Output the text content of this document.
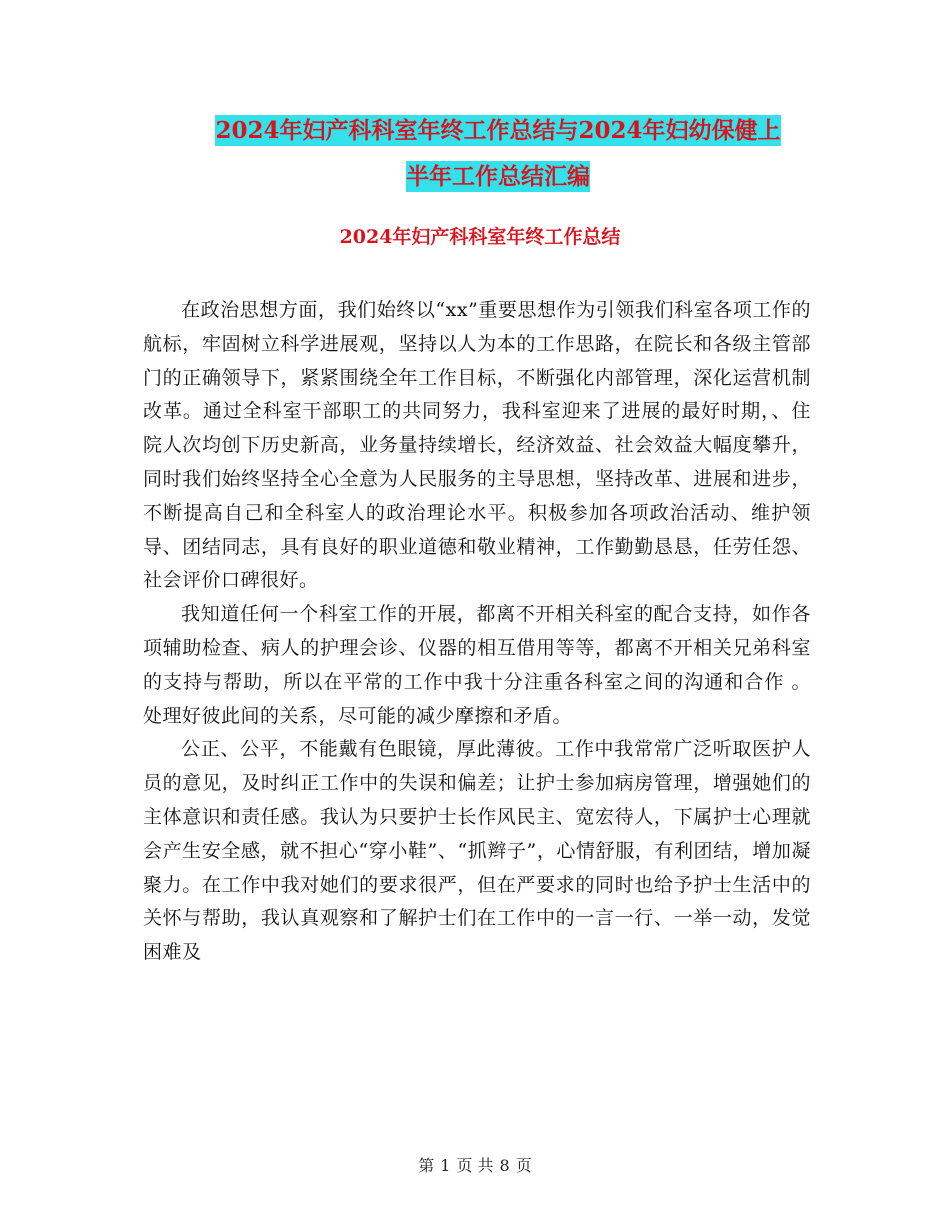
2024年妇产科科室年终工作总结与2024年妇幼保健上
半年工作总结汇编
2024年妇产科科室年终工作总结

在政治思想方面，我们始终以“xx”重要思想作为引领我们科室各项工作的航标，牢固树立科学进展观，坚持以人为本的工作思路，在院长和各级主管部门的正确领导下，紧紧围绕全年工作目标，不断强化内部管理，深化运营机制改革。通过全科室干部职工的共同努力，我科室迎来了进展的最好时期，、住院人次均创下历史新高，业务量持续增长，经济效益、社会效益大幅度攀升，同时我们始终坚持全心全意为人民服务的主导思想，坚持改革、进展和进步，不断提高自己和全科室人的政治理论水平。积极参加各项政治活动、维护领导、团结同志，具有良好的职业道德和敬业精神，工作勤勤恳恳，任劳任怨、社会评价口碑很好。

我知道任何一个科室工作的开展，都离不开相关科室的配合支持，如作各项辅助检查、病人的护理会诊、仪器的相互借用等等，都离不开相关兄弟科室的支持与帮助，所以在平常的工作中我十分注重各科室之间的沟通和合作 。处理好彼此间的关系，尽可能的减少摩擦和矛盾。

公正、公平，不能戴有色眼镜，厚此薄彼。工作中我常常广泛听取医护人员的意见，及时纠正工作中的失误和偏差；让护士参加病房管理，增强她们的主体意识和责任感。我认为只要护士长作风民主、宽宏待人，下属护士心理就会产生安全感，就不担心“穿小鞋”、“抓辫子”，心情舒服，有利团结，增加凝聚力。在工作中我对她们的要求很严，但在严要求的同时也给予护士生活中的关怀与帮助，我认真观察和了解护士们在工作中的一言一行、一举一动，发觉困难及

第 1 页 共 8 页
